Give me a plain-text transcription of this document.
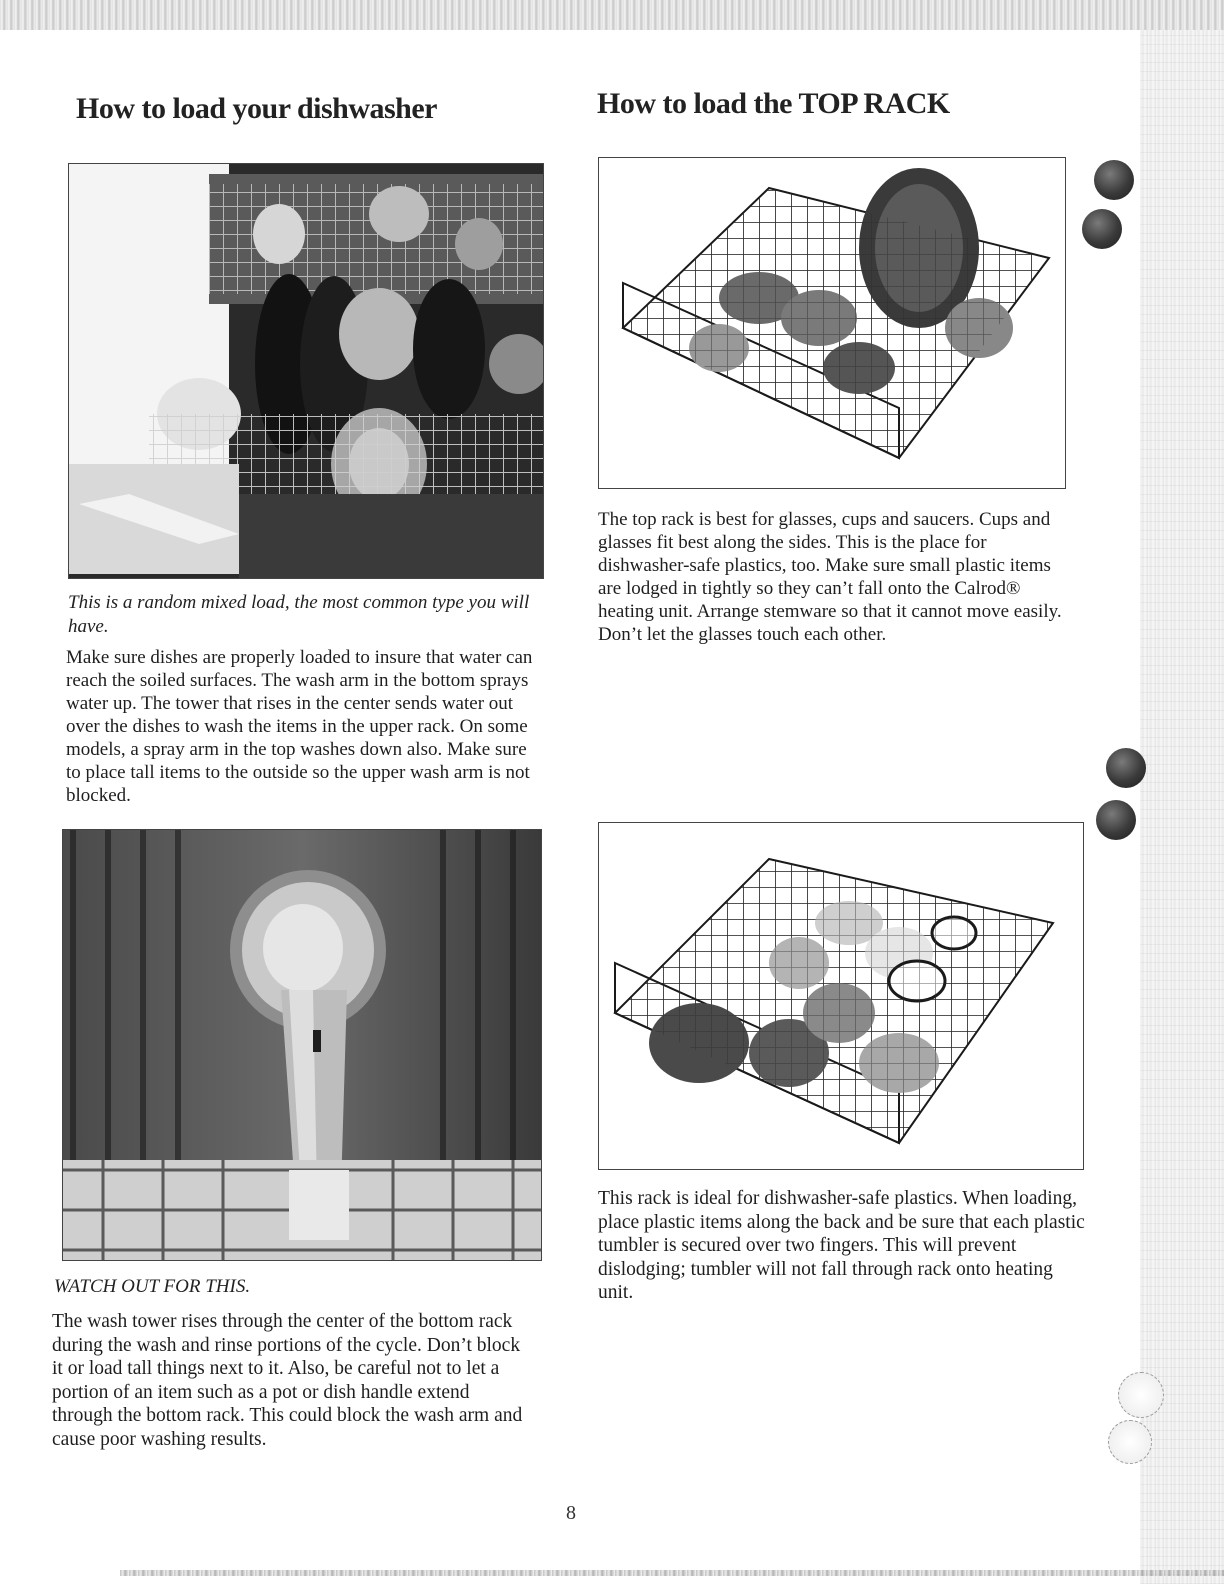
How to load your dishwasher
This is a random mixed load, the most common type you will have.

Make sure dishes are properly loaded to insure that water can reach the soiled surfaces. The wash arm in the bottom sprays water up. The tower that rises in the center sends water out over the dishes to wash the items in the upper rack. On some models, a spray arm in the top washes down also. Make sure to place tall items to the outside so the upper wash arm is not blocked.

WATCH OUT FOR THIS.

The wash tower rises through the center of the bottom rack during the wash and rinse portions of the cycle. Don’t block it or load tall things next to it. Also, be careful not to let a portion of an item such as a pot or dish handle extend through the bottom rack. This could block the wash arm and cause poor washing results.

How to load the TOP RACK

The top rack is best for glasses, cups and saucers. Cups and glasses fit best along the sides. This is the place for dishwasher-safe plastics, too. Make sure small plastic items are lodged in tightly so they can’t fall onto the Calrod® heating unit. Arrange stemware so that it cannot move easily. Don’t let the glasses touch each other.

This rack is ideal for dishwasher-safe plastics. When loading, place plastic items along the back and be sure that each plastic tumbler is secured over two fingers. This will prevent dislodging; tumbler will not fall through rack onto heating unit.

8
